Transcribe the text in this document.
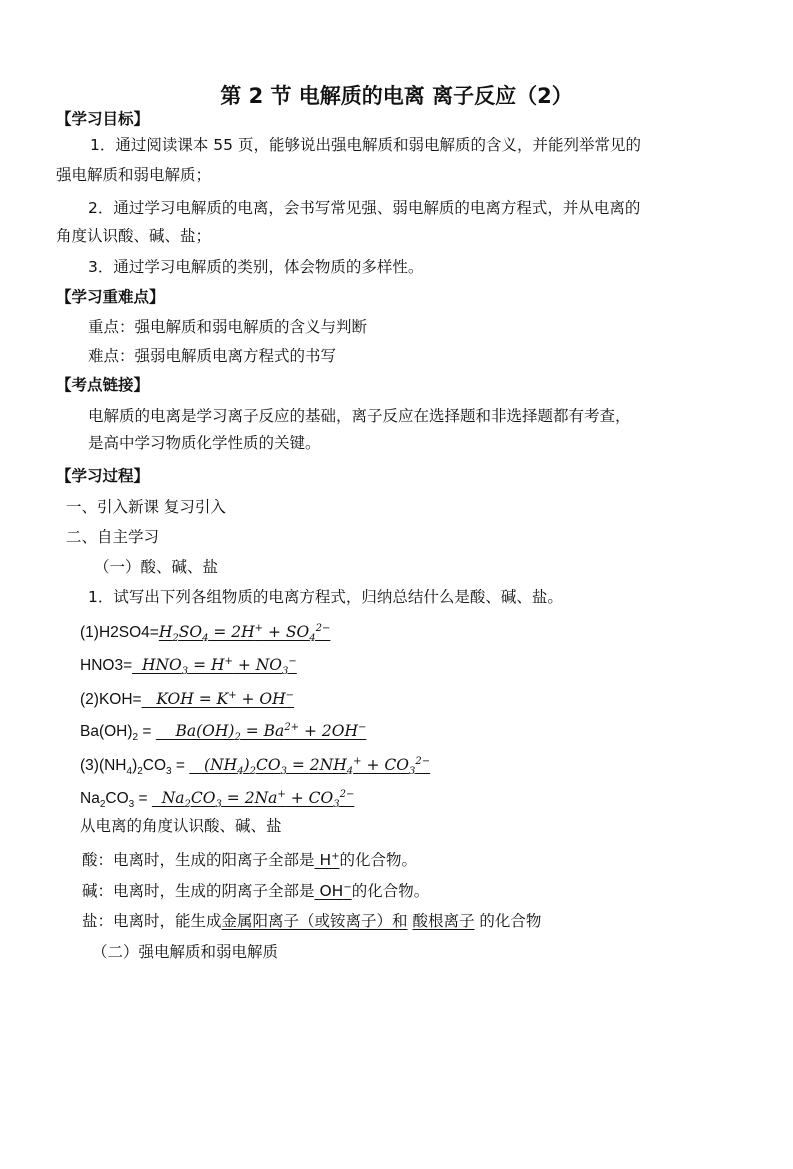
第 2 节 电解质的电离 离子反应（2）
【学习目标】
1．通过阅读课本 55 页，能够说出强电解质和弱电解质的含义，并能列举常见的
强电解质和弱电解质；
2．通过学习电解质的电离，会书写常见强、弱电解质的电离方程式，并从电离的
角度认识酸、碱、盐；
3．通过学习电解质的类别，体会物质的多样性。
【学习重难点】
重点：强电解质和弱电解质的含义与判断
难点：强弱电解质电离方程式的书写
【考点链接】
电解质的电离是学习离子反应的基础，离子反应在选择题和非选择题都有考查，
是高中学习物质化学性质的关键。
【学习过程】
一、引入新课 复习引入
二、自主学习
（一）酸、碱、盐
1．试写出下列各组物质的电离方程式，归纳总结什么是酸、碱、盐。
$(1)H2SO4=H_2SO_4 = 2H^+ + SO_4^{2-}$
$HNO3= HNO_3 = H^+ + NO_3^-$
(2)KOH=   KOH = K+ + OH−
$Ba(OH)_2$ =     $Ba(OH)_2 = Ba^{2+} + 2OH^-$
$(3)(NH_4)_2CO_3$ =    $(NH_4)_2CO_3 = 2NH_4^+ + CO_3^{2-}$
$Na_2CO_3 = Na_2CO_3 = 2Na^+ + CO_3^{2-}$
从电离的角度认识酸、碱、盐
酸：电离时，生成的阳离子全部是 H+的化合物。
碱：电离时，生成的阴离子全部是 OH−的化合物。
盐：电离时，能生成金属阳离子（或铵离子）和 酸根离子 的化合物
（二）强电解质和弱电解质
